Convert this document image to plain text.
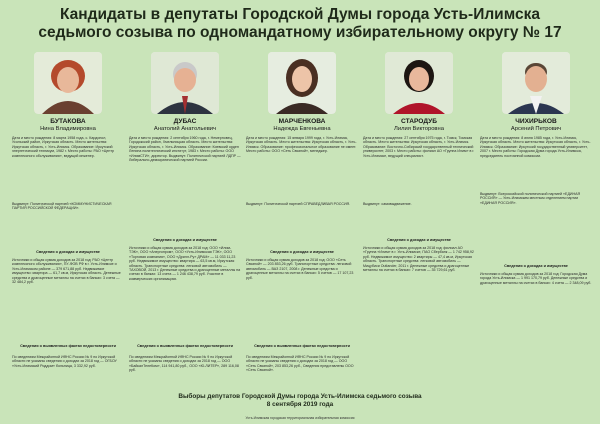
Кандидаты в депутаты Городской Думы города Усть-Илимска
седьмого созыва по одномандатному избирательному округу № 17
БУТАКОВА
Нина Владимировна
Дата и место рождения: 8 марта 1958 года, с. Кардопол, Усольский район, Иркутская область. Место жительства: Иркутская область, г. Усть-Илимск. Образование: Иркутский энергетический техникум, 1982 г. Место работы: РАО «Центр комплексного обслуживания», ведущий инженер.
Выдвинут: Политической партией «КОММУНИСТИЧЕСКАЯ ПАРТИЯ РОССИЙСКОЙ ФЕДЕРАЦИИ».
Сведения о доходах и имуществе
Источники и общая сумма доходов за 2018 год: РАО «Центр комплексного обслуживания», ПУ-ФОВ РФ в г. Усть-Илимске и Усть-Илимском районе — 379 671,88 руб. Недвижимое имущество: квартира — 61,7 кв.м, Иркутская область. Денежные средства и драгоценные металлы на счетах в банках: 3 счета — 32 484,2 руб.
Сведения о выявленных фактах недостоверности
По сведениям Межрайонной ИФНС России № 9 по Иркутской области не указаны сведения о доходах за 2018 год — ОГБОУ «Усть-Илимский Роддом» больница, 3 332,92 руб.
ДУБАС
Анатолий Анатольевич
Дата и место рождения: 2 сентября 1960 года, г. Немерновец, Городокский район, Хмельницкая область. Место жительства: Иркутская область, г. Усть-Илимск. Образование: Киевский орден Ленина политехнический институт, 1983 г. Место работы: ООО «ИлимСТИ», директор. Выдвинут: Политической партией ЛДПР — Либерально-демократической партией России.
Сведения о доходах и имуществе
Источники и общая сумма доходов за 2018 год: ООО «Илим-ТЭК», ООО «Анергопром», ООО «Усть-Илимская ТЭК», ООО «Торговая компания», ООО «Дрилл-Ру» ДРАМ» — 11 033 11,23 руб. Недвижимое имущество: квартира — 63,5 кв.м, Иркутская область. Транспортные средства: легковой автомобиль — ТАХОВОЙ, 2013 г. Денежные средства и драгоценные металлы на счетах в банках: 13 счета — 1 246 438,79 руб. Участие в коммерческих организациях.
Сведения о выявленных фактах недостоверности
По сведениям Межрайонной ИФНС России № 9 по Иркутской области не указаны сведения о доходах за 2018 год — ООО «БайкалТелеКом», 114 941,80 руб., ООО «Ю-ЛИТЕР», 289 116,08 руб.
МАРЧЕНКОВА
Надежда Евгеньевна
Дата и место рождения: 15 января 1999 года, г. Усть-Илимск, Иркутская область. Место жительства: Иркутская область, г. Усть-Илимск. Образование: профессиональное образование не имеет. Место работы: ООО «Сеть Связной», менеджер.
Выдвинут: Политической партией СПРАВЕДЛИВАЯ РОССИЯ.
Сведения о доходах и имуществе
Источники и общая сумма доходов за 2018 год: ООО «Сеть Связной» — 203 853,26 руб. Транспортные средства: легковой автомобиль — ВАЗ 2107, 2008 г. Денежные средства и драгоценные металлы на счетах в банках: 5 счетов — 17 107,23 руб.
Сведения о выявленных фактах недостоверности
По сведениям Межрайонной ИФНС России № 9 по Иркутской области не указаны сведения о доходах за 2018 год — ООО «Сеть Связной», 203 853,26 руб., Сведения представлены ООО «Сеть Связной».
СТАРОДУБ
Лилия Викторовна
Дата и место рождения: 27 сентября 1975 года, г. Томск, Томская область. Место жительства: Иркутская область, г. Усть-Илимск. Образование: Восточно-Сибирский государственный технический университет, 2003 г. Место работы: филиал АО «Группа Илим» в г. Усть-Илимске, ведущий специалист.
Выдвинут: самовыдвижение.
Сведения о доходах и имуществе
Источники и общая сумма доходов за 2018 год: филиал АО «Группа «Илим» в г. Усть-Илимске, ПАО Сбербанк — 1 742 958,92 руб. Недвижимое имущество: 2 квартиры — 47,4 кв.м, Иркутская область. Транспортные средства: легковой автомобиль — Мицубиси Outlander, 2011 г. Денежные средства и драгоценные металлы на счетах в банках: 7 счетов — 35 729,61 руб.
ЧИХИРЬКОВ
Арсений Петрович
Дата и место рождения: 8 июня 1985 года, г. Усть-Илимск, Иркутская область. Место жительства: Иркутская область, г. Усть-Илимск. Образование: Иркутский государственный университет, 2007 г. Место работы: Городская Дума города Усть-Илимска, председатель постоянной комиссии.
Выдвинут: Всероссийской политической партией «ЕДИНАЯ РОССИЯ» — Усть-Илимским местным отделением партии «ЕДИНАЯ РОССИЯ».
Сведения о доходах и имуществе
Источники и общая сумма доходов за 2018 год: Городская Дума города Усть-Илимска — 1 991 170,79 руб. Денежные средства и драгоценные металлы на счетах в банках: 4 счета — 2 348,09 руб.
Выборы депутатов Городской Думы города Усть-Илимска седьмого созыва
8 сентября 2019 года
Усть-Илимская городская территориальная избирательная комиссия
